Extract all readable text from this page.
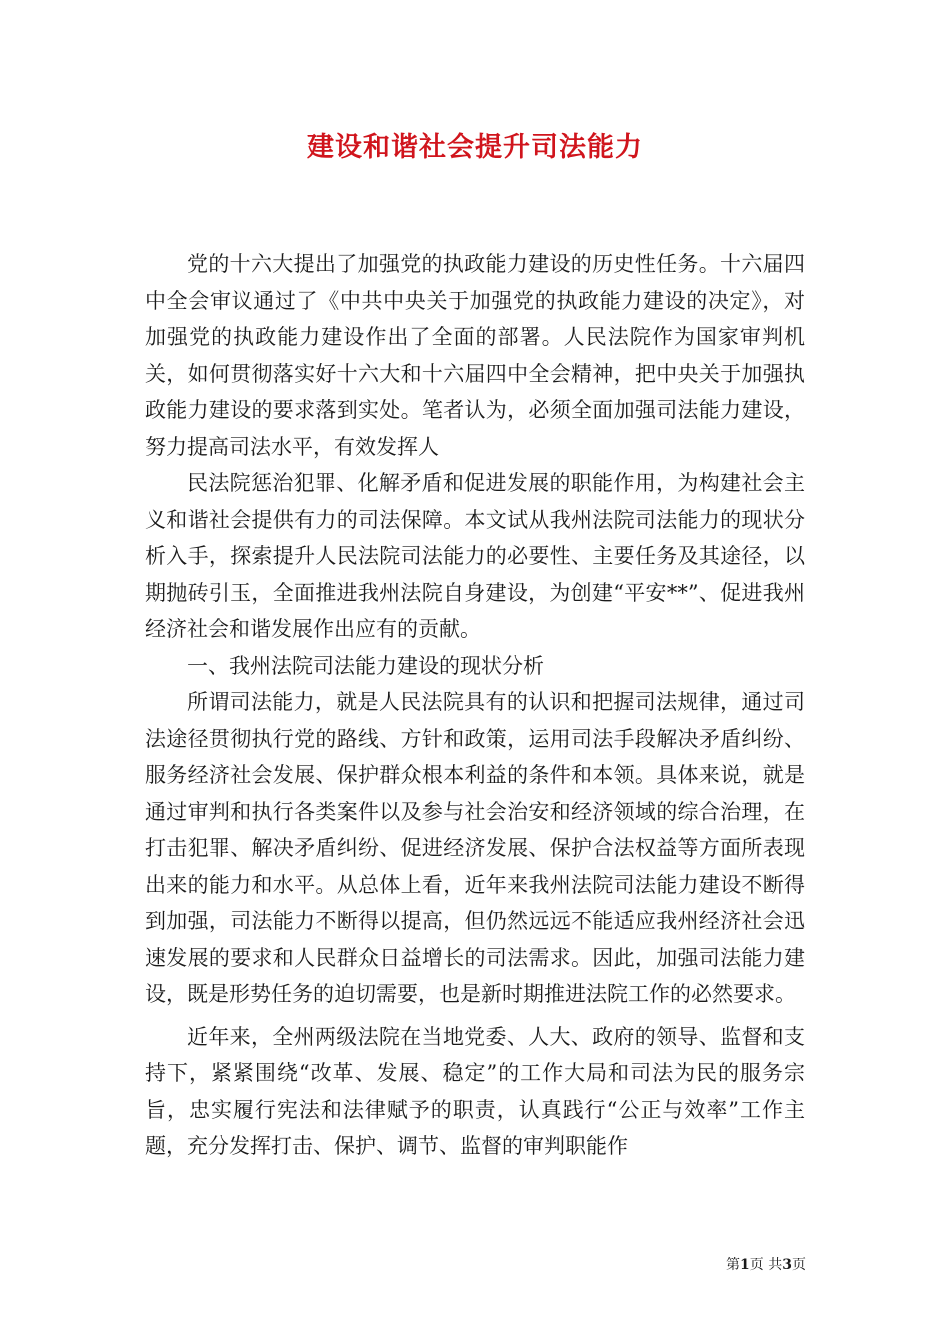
建设和谐社会提升司法能力

党的十六大提出了加强党的执政能力建设的历史性任务。十六届四中全会审议通过了《中共中央关于加强党的执政能力建设的决定》，对加强党的执政能力建设作出了全面的部署。人民法院作为国家审判机关，如何贯彻落实好十六大和十六届四中全会精神，把中央关于加强执政能力建设的要求落到实处。笔者认为，必须全面加强司法能力建设，努力提高司法水平，有效发挥人

民法院惩治犯罪、化解矛盾和促进发展的职能作用，为构建社会主义和谐社会提供有力的司法保障。本文试从我州法院司法能力的现状分析入手，探索提升人民法院司法能力的必要性、主要任务及其途径，以期抛砖引玉，全面推进我州法院自身建设，为创建“平安**”、促进我州经济社会和谐发展作出应有的贡献。

一、我州法院司法能力建设的现状分析

所谓司法能力，就是人民法院具有的认识和把握司法规律，通过司法途径贯彻执行党的路线、方针和政策，运用司法手段解决矛盾纠纷、服务经济社会发展、保护群众根本利益的条件和本领。具体来说，就是通过审判和执行各类案件以及参与社会治安和经济领域的综合治理，在打击犯罪、解决矛盾纠纷、促进经济发展、保护合法权益等方面所表现出来的能力和水平。从总体上看，近年来我州法院司法能力建设不断得到加强，司法能力不断得以提高，但仍然远远不能适应我州经济社会迅速发展的要求和人民群众日益增长的司法需求。因此，加强司法能力建设，既是形势任务的迫切需要，也是新时期推进法院工作的必然要求。

近年来，全州两级法院在当地党委、人大、政府的领导、监督和支持下，紧紧围绕“改革、发展、稳定”的工作大局和司法为民的服务宗旨，忠实履行宪法和法律赋予的职责，认真践行“公正与效率”工作主题，充分发挥打击、保护、调节、监督的审判职能作

第1页 共3页
